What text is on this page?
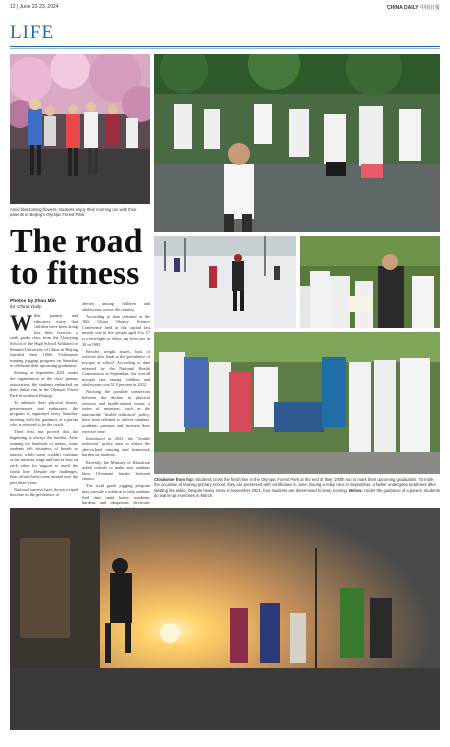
12 | June 22-23, 2024	CHINA DAILY 中国日报
LIFE
Amid blossoming flowers, students enjoy their morning run with their parents in Beijing's Olympic Forest Park.
The road to fitness
Photos by Zhou Min
for China Daily

While parents and educators worry that children have been doing less little exercise, a sixth grade class from the Chaoyang School of the High School Affiliated to Renmin University of China in Beijing finished their 100th 5-kilometer running jogging program on Saturday to celebrate their upcoming graduation.

Starting in September 2021, under the organization of the class' parents association, the students embarked on their initial run in the Olympic Forest Park in northern Beijing.

To enhance their physical fitness, perseverance and endurance, the program is organized every Saturday morning with the guidance of a parent who is selected to be the coach.

Their first run proved that the beginning is always the hardest. After running for hundreds of meters, some students felt shortness of breath or nausea, while some couldn't continue at the midway stage and had to lean on each other for support to reach the finish line. Despite the challenges, their efforts have come around over the past three years.

National surveys have shown a rapid increase in the prevalence of

obesity among children and adolescents across the country.

According to data released at the 10th China Obesity Science Conference held in the capital last month, one in five people aged 6 to 17 is overweight or obese, up from one in 20 in 1985.

Besides weight issues, lack of exercise also leads to the prevalence of myopia at school. According to data released by the National Health Commission in September, the overall myopia rate among children and adolescents was 51.9 percent in 2022.

Noticing the possible connection between the decline in physical exercise and health-related issues, a series of measures, such as the nationwide "double reduction" policy, have been released to relieve students' academic pressure and increase their exercise time.

Introduced in 2021, the "double reduction" policy aims to reduce the after-school tutoring and homework burden on students.

Recently, the Ministry of Education asked schools to make sure students have 10-minute breaks between classes.

The sixth grade jogging program may provide a solution to help students find time amid heavy academic burdens and ubiquitous electronic

Clockwise from top: Students cross the finish line in the Olympic Forest Park at the end of their 100th run to mark their upcoming graduation. To mark the occasion of leaving primary school, they are presented with certificates in June. During a relay race in September, a father undergoes treatment after twisting his ankle. Despite heavy snow in November 2021, four students are determined to keep running. Below: Under the guidance of a parent, students do warm-up exercises in March.
